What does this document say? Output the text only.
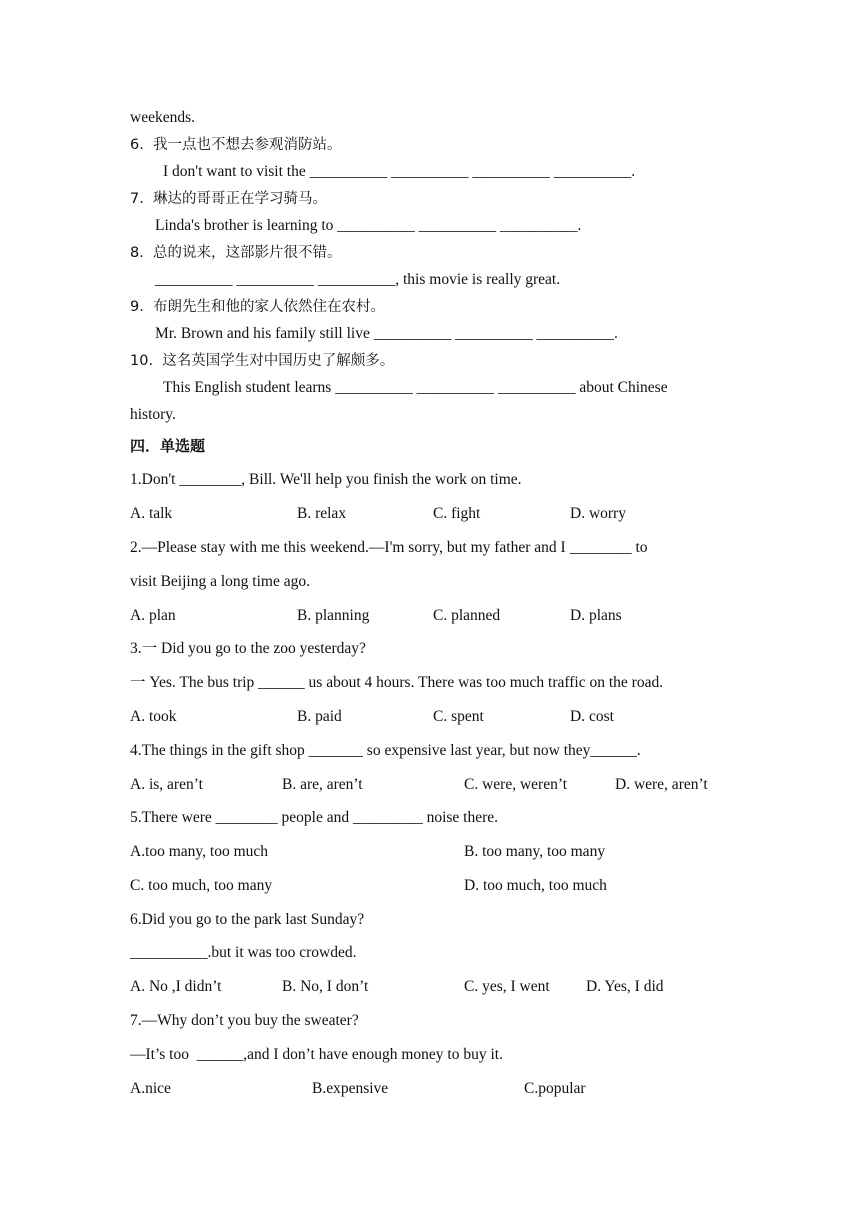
weekends.
6.  我一点也不想去参观消防站。
I don't want to visit the __________ __________ __________ __________.
7.  琳达的哥哥正在学习骑马。
Linda's brother is learning to __________ __________ __________.
8.  总的说来，这部影片很不错。
__________ __________ __________, this movie is really great.
9.  布朗先生和他的家人依然住在农村。
Mr. Brown and his family still live __________ __________ __________.
10.  这名英国学生对中国历史了解颇多。
This English student learns __________ __________ __________ about Chinese
history.
四．单选题
1.Don't ________, Bill. We'll help you finish the work on time.
A. talk	B. relax	C. fight	D. worry
2.—Please stay with me this weekend.—I'm sorry, but my father and I ________ to
visit Beijing a long time ago.
A. plan	B. planning	C. planned	D. plans
3.一 Did you go to the zoo yesterday?
一 Yes. The bus trip ______ us about 4 hours. There was too much traffic on the road.
A. took	B. paid	C. spent	D. cost
4.The things in the gift shop _______ so expensive last year, but now they______.
A. is, aren’t	B. are, aren’t	C. were, weren’t	D. were, aren’t
5.There were ________ people and _________ noise there.
A.too many, too much	B. too many, too many
C. too much, too many	D. too much, too much
6.Did you go to the park last Sunday?
__________.but it was too crowded.
A. No ,I didn’t	B. No, I don’t	C. yes, I went D. Yes, I did
7.—Why don’t you buy the sweater?
—It’s too  ______,and I don’t have enough money to buy it.
A.nice	B.expensive	C.popular
